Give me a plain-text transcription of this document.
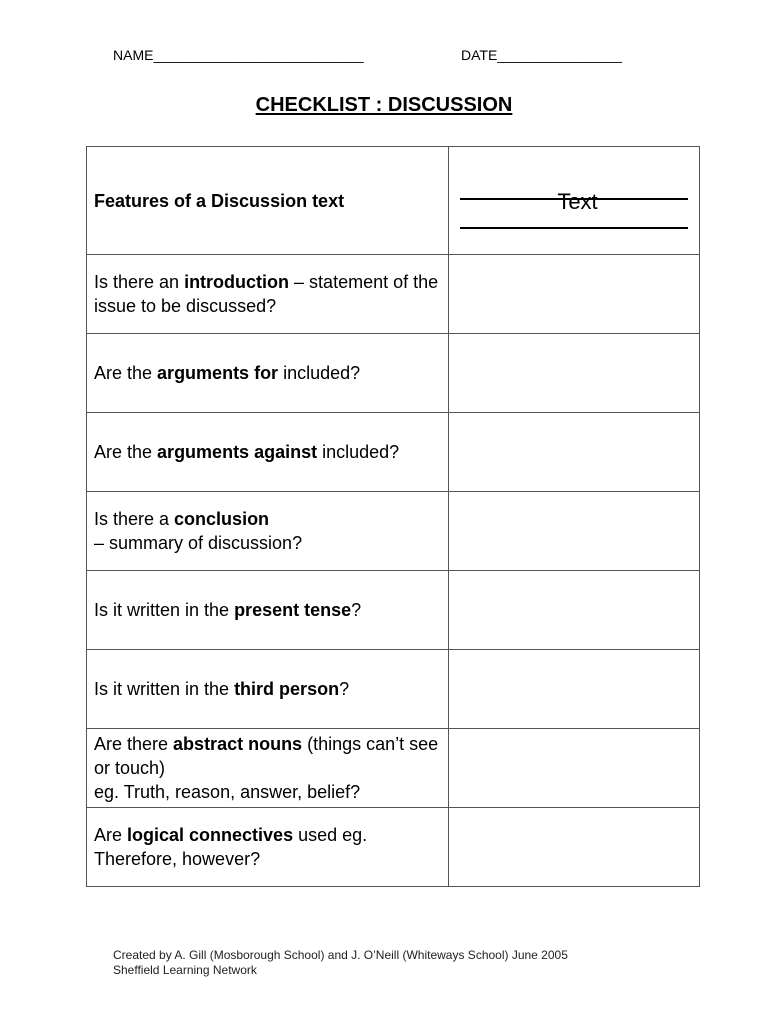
NAME___________________________	DATE________________
CHECKLIST : DISCUSSION
Features of a Discussion text	Text

Is there an introduction – statement of the issue to be discussed?	
Are the arguments for included?	
Are the arguments against included?	
Is there a conclusion
– summary of discussion?	
Is it written in the present tense?	
Is it written in the third person?	
Are there abstract nouns (things can’t see or touch)
eg. Truth, reason, answer, belief?	
Are logical connectives used eg. Therefore, however?	
Created by A. Gill (Mosborough School) and J. O’Neill (Whiteways School) June 2005
Sheffield Learning Network
